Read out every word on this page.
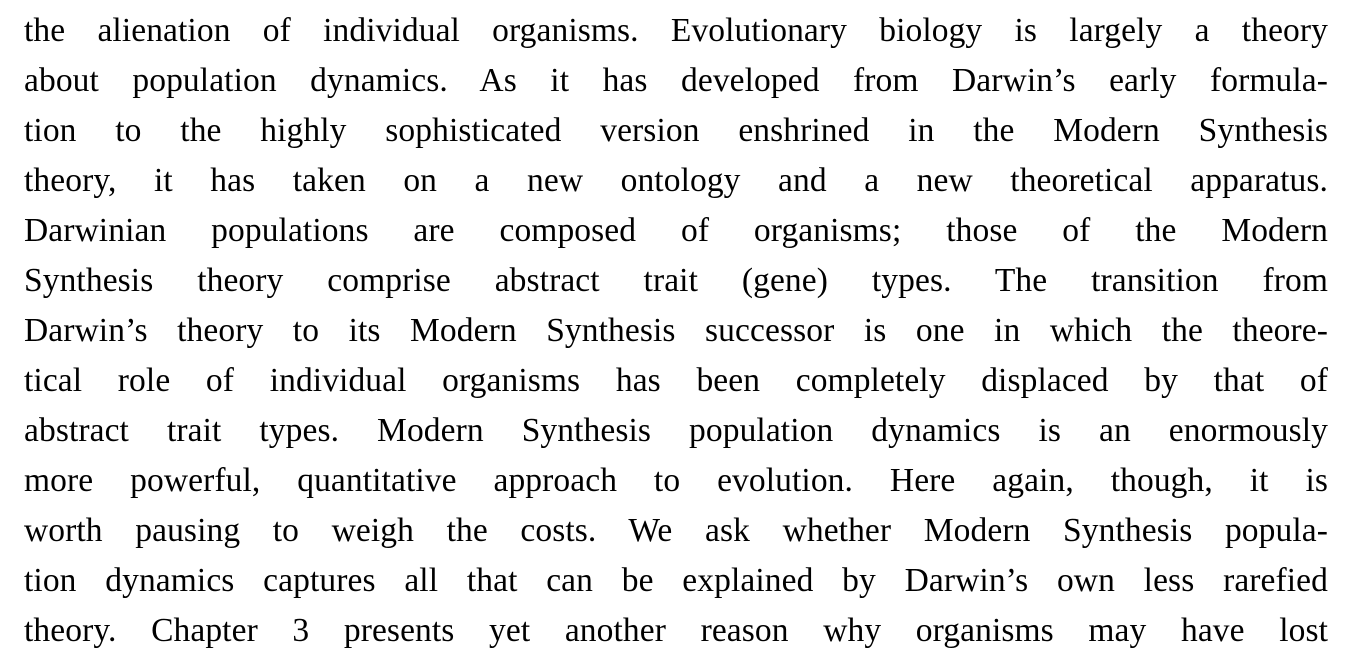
the alienation of individual organisms. Evolutionary biology is largely a theory
about population dynamics. As it has developed from Darwin’s early formula-
tion to the highly sophisticated version enshrined in the Modern Synthesis
theory, it has taken on a new ontology and a new theoretical apparatus.
Darwinian populations are composed of organisms; those of the Modern
Synthesis theory comprise abstract trait (gene) types. The transition from
Darwin’s theory to its Modern Synthesis successor is one in which the theore-
tical role of individual organisms has been completely displaced by that of
abstract trait types. Modern Synthesis population dynamics is an enormously
more powerful, quantitative approach to evolution. Here again, though, it is
worth pausing to weigh the costs. We ask whether Modern Synthesis popula-
tion dynamics captures all that can be explained by Darwin’s own less rarefied
theory. Chapter 3 presents yet another reason why organisms may have lost
